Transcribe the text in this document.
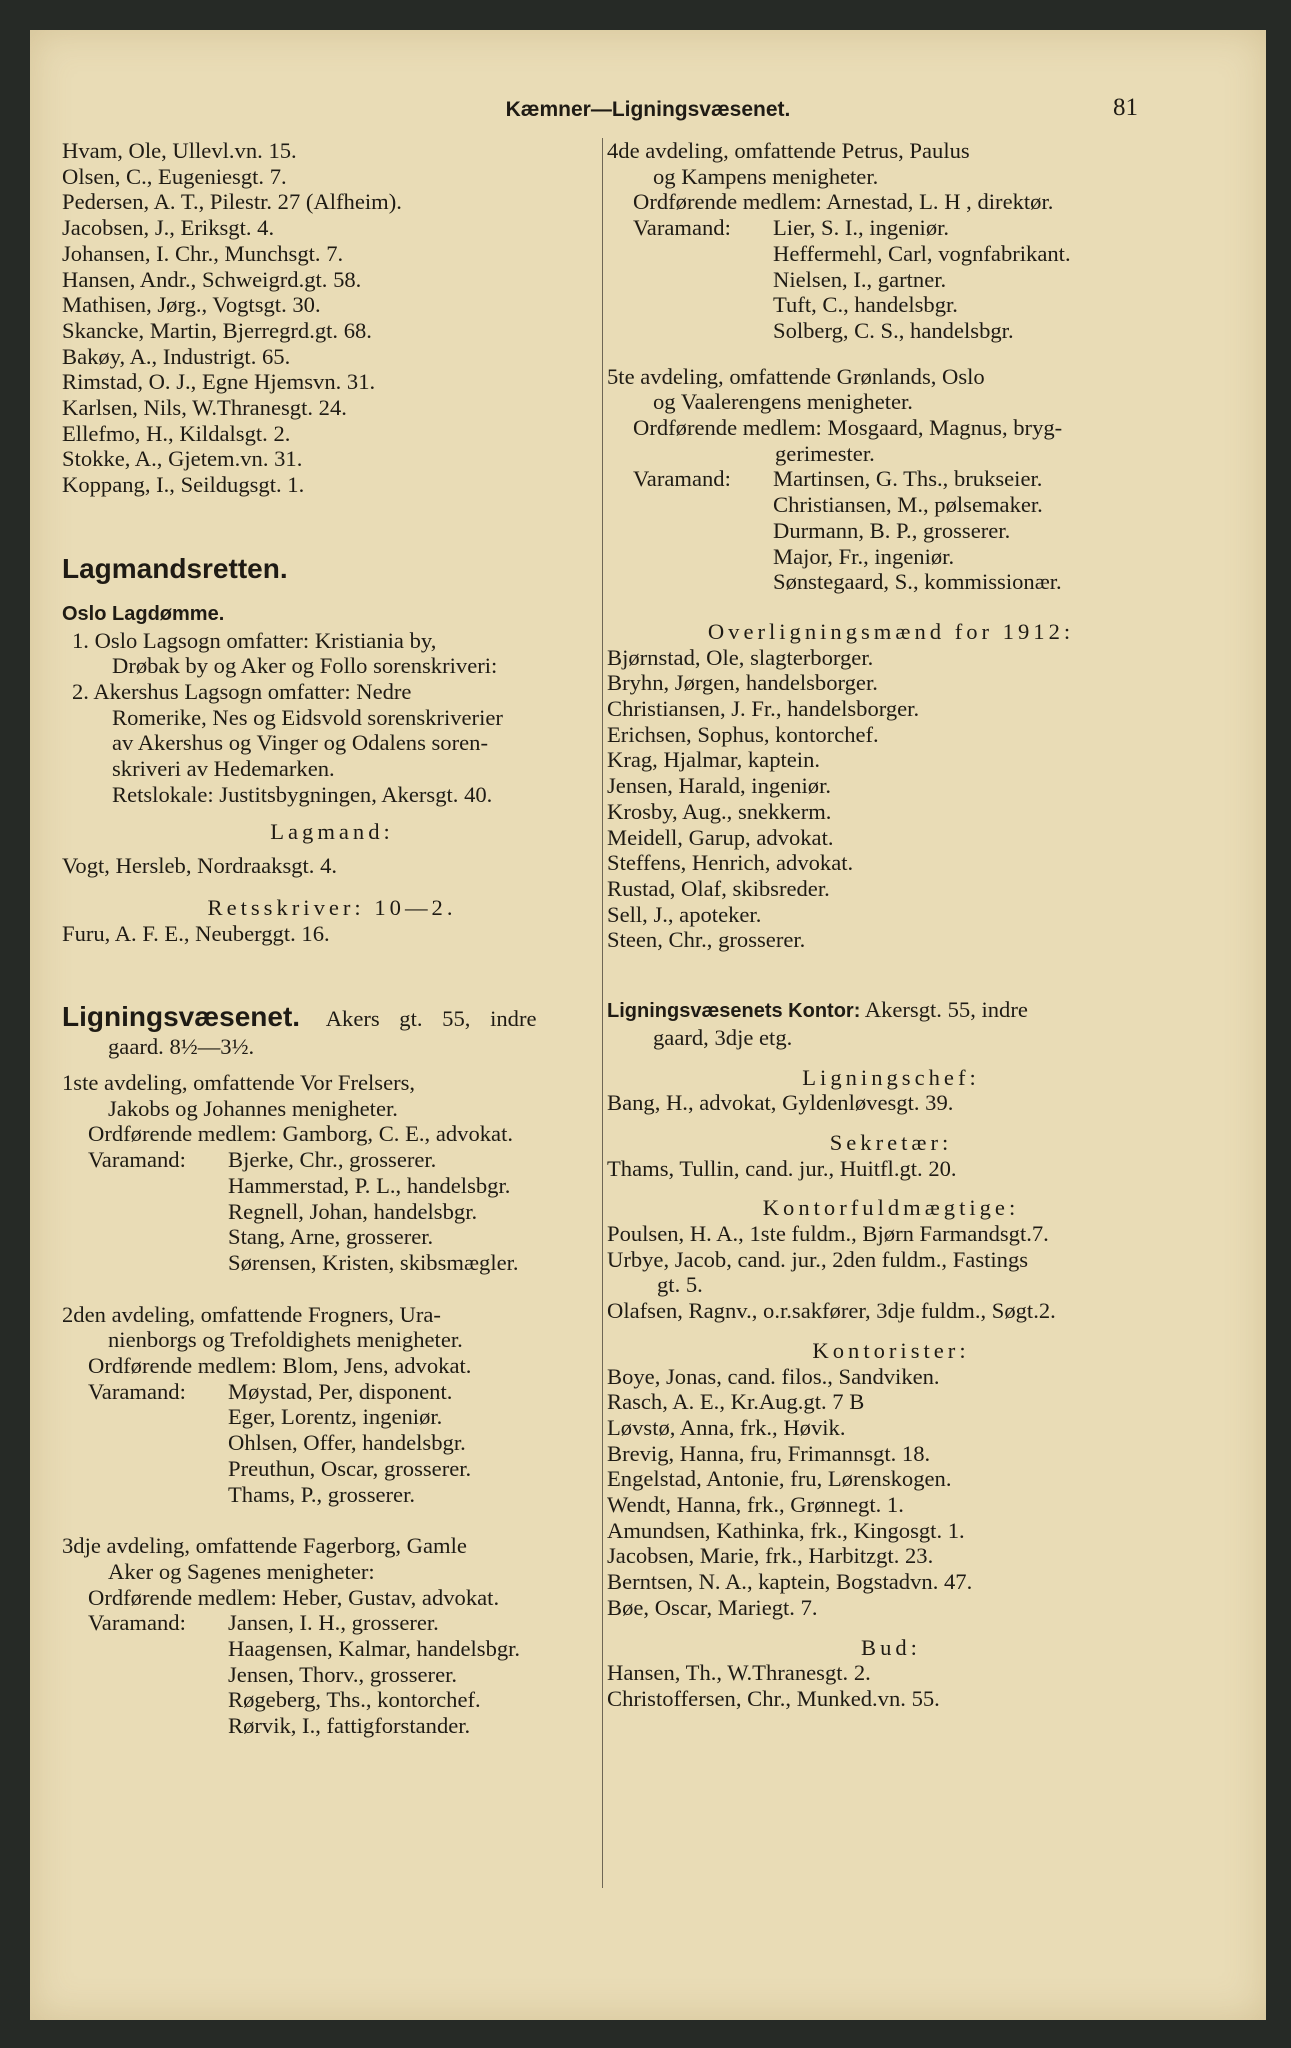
Kæmner—Ligningsvæsenet.	81
Hvam, Ole, Ullevl.vn. 15.
Olsen, C., Eugeniesgt. 7.
Pedersen, A. T., Pilestr. 27 (Alfheim).
Jacobsen, J., Eriksgt. 4.
Johansen, I. Chr., Munchsgt. 7.
Hansen, Andr., Schweigrd.gt. 58.
Mathisen, Jørg., Vogtsgt. 30.
Skancke, Martin, Bjerregrd.gt. 68.
Bakøy, A., Industrigt. 65.
Rimstad, O. J., Egne Hjemsvn. 31.
Karlsen, Nils, W.Thranesgt. 24.
Ellefmo, H., Kildalsgt. 2.
Stokke, A., Gjetem.vn. 31.
Koppang, I., Seildugsgt. 1.
Lagmandsretten.
Oslo Lagdømme.
1. Oslo Lagsogn omfatter: Kristiania by,
Drøbak by og Aker og Follo sorenskriveri:
2. Akershus Lagsogn omfatter: Nedre
Romerike, Nes og Eidsvold sorenskriverier
av Akershus og Vinger og Odalens soren-
skriveri av Hedemarken.
Retslokale: Justitsbygningen, Akersgt. 40.
Lagmand:
Vogt, Hersleb, Nordraaksgt. 4.
Retsskriver: 10—2.
Furu, A. F. E., Neuberggt. 16.
Ligningsvæsenet. Akers gt. 55, indre
gaard. 8½—3½.
1ste avdeling, omfattende Vor Frelsers,
Jakobs og Johannes menigheter.
Ordførende medlem: Gamborg, C. E., advokat.
Varamand:	Bjerke, Chr., grosserer.
Hammerstad, P. L., handelsbgr.
Regnell, Johan, handelsbgr.
Stang, Arne, grosserer.
Sørensen, Kristen, skibsmægler.
2den avdeling, omfattende Frogners, Ura-
nienborgs og Trefoldighets menigheter.
Ordførende medlem: Blom, Jens, advokat.
Varamand:	Møystad, Per, disponent.
Eger, Lorentz, ingeniør.
Ohlsen, Offer, handelsbgr.
Preuthun, Oscar, grosserer.
Thams, P., grosserer.
3dje avdeling, omfattende Fagerborg, Gamle
Aker og Sagenes menigheter:
Ordførende medlem: Heber, Gustav, advokat.
Varamand:	Jansen, I. H., grosserer.
Haagensen, Kalmar, handelsbgr.
Jensen, Thorv., grosserer.
Røgeberg, Ths., kontorchef.
Rørvik, I., fattigforstander.
4de avdeling, omfattende Petrus, Paulus
og Kampens menigheter.
Ordførende medlem: Arnestad, L. H , direktør.
Varamand:	Lier, S. I., ingeniør.
Heffermehl, Carl, vognfabrikant.
Nielsen, I., gartner.
Tuft, C., handelsbgr.
Solberg, C. S., handelsbgr.
5te avdeling, omfattende Grønlands, Oslo
og Vaalerengens menigheter.
Ordførende medlem: Mosgaard, Magnus, bryg-
gerimester.
Varamand:	Martinsen, G. Ths., brukseier.
Christiansen, M., pølsemaker.
Durmann, B. P., grosserer.
Major, Fr., ingeniør.
Sønstegaard, S., kommissionær.
Overligningsmænd for 1912:
Bjørnstad, Ole, slagterborger.
Bryhn, Jørgen, handelsborger.
Christiansen, J. Fr., handelsborger.
Erichsen, Sophus, kontorchef.
Krag, Hjalmar, kaptein.
Jensen, Harald, ingeniør.
Krosby, Aug., snekkerm.
Meidell, Garup, advokat.
Steffens, Henrich, advokat.
Rustad, Olaf, skibsreder.
Sell, J., apoteker.
Steen, Chr., grosserer.
Ligningsvæsenets Kontor: Akersgt. 55, indre
gaard, 3dje etg.
Ligningschef:
Bang, H., advokat, Gyldenløvesgt. 39.
Sekretær:
Thams, Tullin, cand. jur., Huitfl.gt. 20.
Kontorfuldmægtige:
Poulsen, H. A., 1ste fuldm., Bjørn Farmandsgt.7.
Urbye, Jacob, cand. jur., 2den fuldm., Fastings
gt. 5.
Olafsen, Ragnv., o.r.sakfører, 3dje fuldm., Søgt.2.
Kontorister:
Boye, Jonas, cand. filos., Sandviken.
Rasch, A. E., Kr.Aug.gt. 7 B
Løvstø, Anna, frk., Høvik.
Brevig, Hanna, fru, Frimannsgt. 18.
Engelstad, Antonie, fru, Lørenskogen.
Wendt, Hanna, frk., Grønnegt. 1.
Amundsen, Kathinka, frk., Kingosgt. 1.
Jacobsen, Marie, frk., Harbitzgt. 23.
Berntsen, N. A., kaptein, Bogstadvn. 47.
Bøe, Oscar, Mariegt. 7.
Bud:
Hansen, Th., W.Thranesgt. 2.
Christoffersen, Chr., Munked.vn. 55.
